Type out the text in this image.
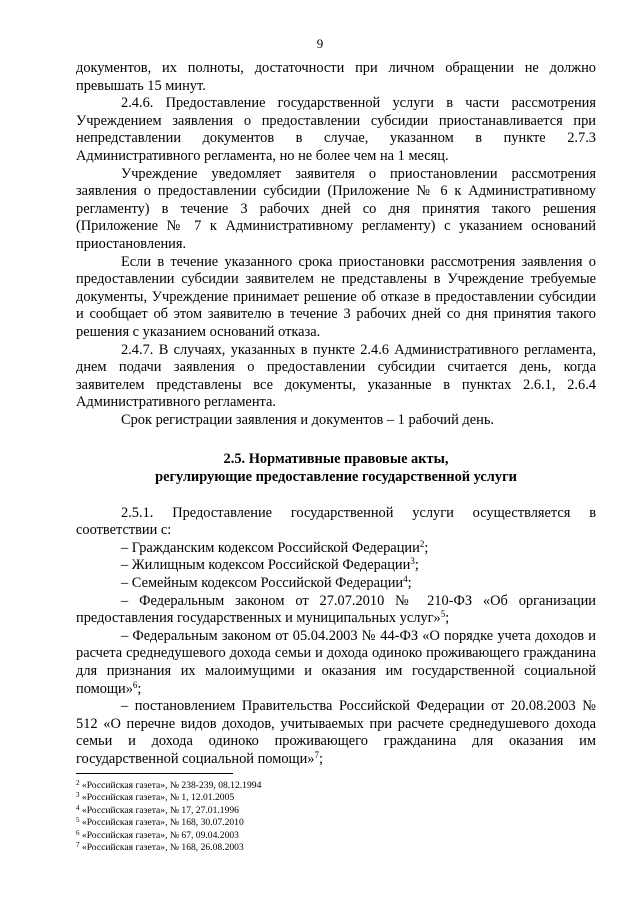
9

документов, их полноты, достаточности при личном обращении не должно превышать 15 минут.

2.4.6. Предоставление государственной услуги в части рассмотрения Учреждением заявления о предоставлении субсидии приостанавливается при непредставлении документов в случае, указанном в пункте 2.7.3 Административного регламента, но не более чем на 1 месяц.

Учреждение уведомляет заявителя о приостановлении рассмотрения заявления о предоставлении субсидии (Приложение № 6 к Административному регламенту) в течение 3 рабочих дней со дня принятия такого решения (Приложение № 7 к Административному регламенту) с указанием оснований приостановления.

Если в течение указанного срока приостановки рассмотрения заявления о предоставлении субсидии заявителем не представлены в Учреждение требуемые документы, Учреждение принимает решение об отказе в предоставлении субсидии и сообщает об этом заявителю в течение 3 рабочих дней со дня принятия такого решения с указанием оснований отказа.

2.4.7. В случаях, указанных в пункте 2.4.6 Административного регламента, днем подачи заявления о предоставлении субсидии считается день, когда заявителем представлены все документы, указанные в пунктах 2.6.1, 2.6.4 Административного регламента.

Срок регистрации заявления и документов – 1 рабочий день.

2.5. Нормативные правовые акты,
регулирующие предоставление государственной услуги

2.5.1. Предоставление государственной услуги осуществляется в соответствии с:

– Гражданским кодексом Российской Федерации$^2$;

– Жилищным кодексом Российской Федерации$^3$;

– Семейным кодексом Российской Федерации$^4$;

– Федеральным законом от 27.07.2010 № 210-ФЗ «Об организации предоставления государственных и муниципальных услуг»$^5$;

– Федеральным законом от 05.04.2003 № 44-ФЗ «О порядке учета доходов и расчета среднедушевого дохода семьи и дохода одиноко проживающего гражданина для признания их малоимущими и оказания им государственной социальной помощи»$^6$;

– постановлением Правительства Российской Федерации от 20.08.2003 № 512 «О перечне видов доходов, учитываемых при расчете среднедушевого дохода семьи и дохода одиноко проживающего гражданина для оказания им государственной социальной помощи»$^7$;

$^2$ «Российская газета», № 238-239, 08.12.1994
$^3$ «Российская газета», № 1, 12.01.2005
$^4$ «Российская газета», № 17, 27.01.1996
$^5$ «Российская газета», № 168, 30.07.2010
$^6$ «Российская газета», № 67, 09.04.2003
$^7$ «Российская газета», № 168, 26.08.2003
